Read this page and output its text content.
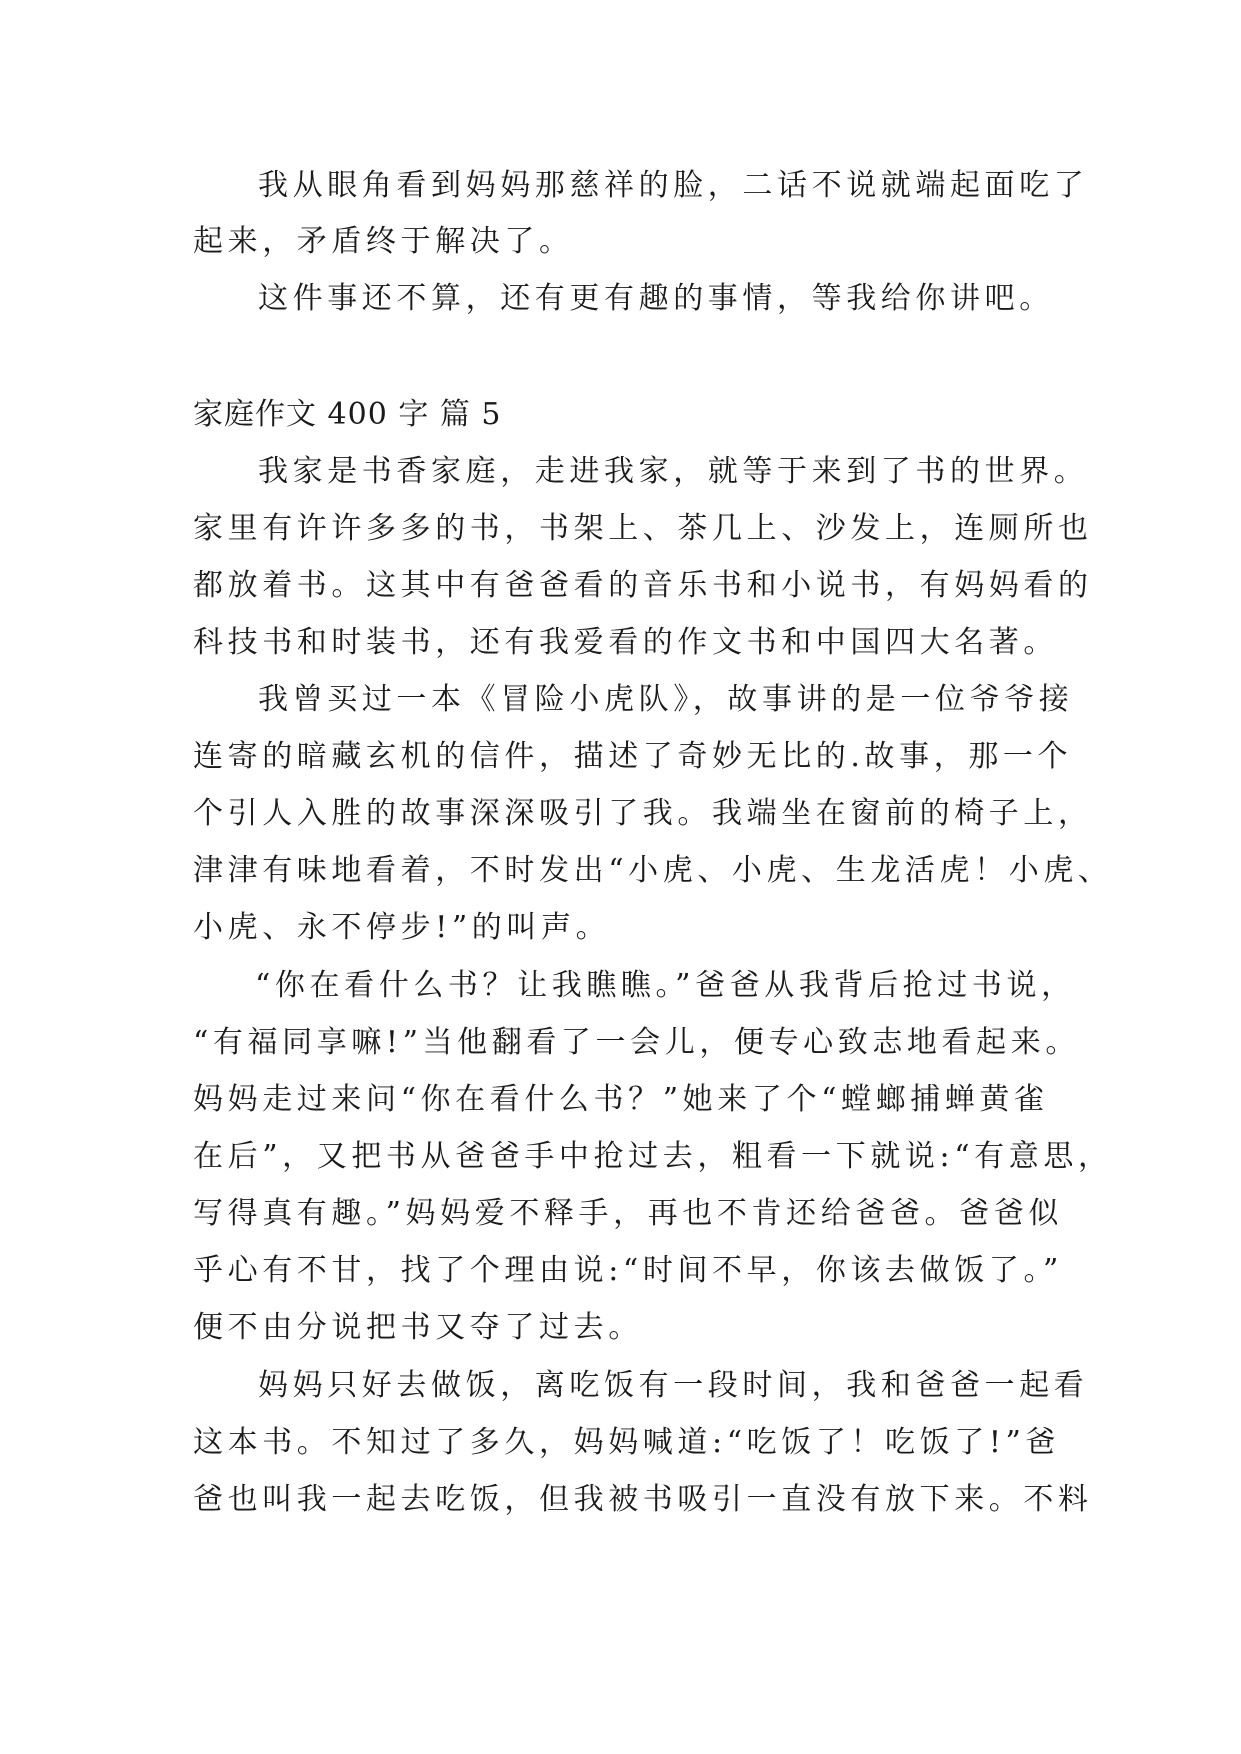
我从眼角看到妈妈那慈祥的脸，二话不说就端起面吃了
起来，矛盾终于解决了。
这件事还不算，还有更有趣的事情，等我给你讲吧。
家庭作文 400 字 篇 5
我家是书香家庭，走进我家，就等于来到了书的世界。
家里有许许多多的书，书架上、茶几上、沙发上，连厕所也
都放着书。这其中有爸爸看的音乐书和小说书，有妈妈看的
科技书和时装书，还有我爱看的作文书和中国四大名著。
我曾买过一本《冒险小虎队》，故事讲的是一位爷爷接
连寄的暗藏玄机的信件，描述了奇妙无比的.故事，那一个
个引人入胜的故事深深吸引了我。我端坐在窗前的椅子上，
津津有味地看着，不时发出“小虎、小虎、生龙活虎！小虎、
小虎、永不停步!”的叫声。
“你在看什么书？让我瞧瞧。”爸爸从我背后抢过书说，
“有福同享嘛!”当他翻看了一会儿，便专心致志地看起来。
妈妈走过来问“你在看什么书？”她来了个“螳螂捕蝉黄雀
在后”，又把书从爸爸手中抢过去，粗看一下就说:“有意思，
写得真有趣。”妈妈爱不释手，再也不肯还给爸爸。爸爸似
乎心有不甘，找了个理由说:“时间不早，你该去做饭了。”
便不由分说把书又夺了过去。
妈妈只好去做饭，离吃饭有一段时间，我和爸爸一起看
这本书。不知过了多久，妈妈喊道:“吃饭了！吃饭了!”爸
爸也叫我一起去吃饭，但我被书吸引一直没有放下来。不料
